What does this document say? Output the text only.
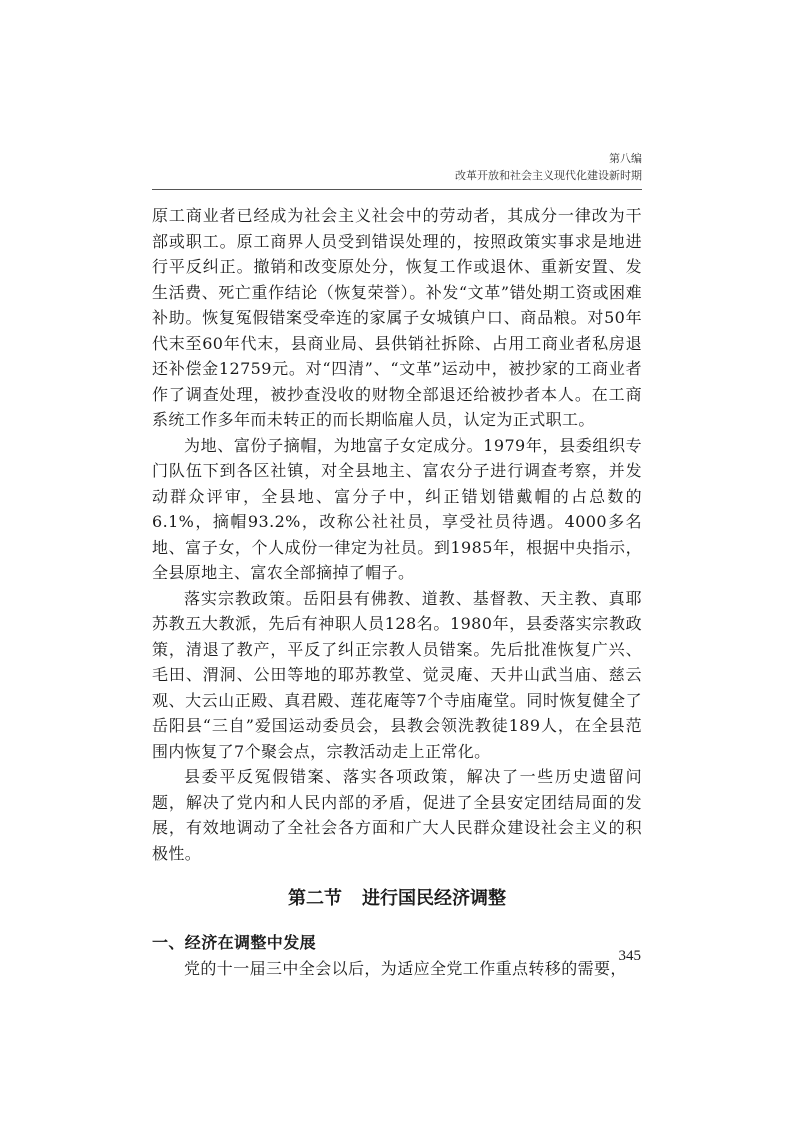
第八编
改革开放和社会主义现代化建设新时期

原工商业者已经成为社会主义社会中的劳动者，其成分一律改为干部或职工。原工商界人员受到错误处理的，按照政策实事求是地进行平反纠正。撤销和改变原处分，恢复工作或退休、重新安置、发生活费、死亡重作结论（恢复荣誉）。补发“文革”错处期工资或困难补助。恢复冤假错案受牵连的家属子女城镇户口、商品粮。对50年代末至60年代末，县商业局、县供销社拆除、占用工商业者私房退还补偿金12759元。对“四清”、“文革”运动中，被抄家的工商业者作了调查处理，被抄查没收的财物全部退还给被抄者本人。在工商系统工作多年而未转正的而长期临雇人员，认定为正式职工。

为地、富份子摘帽，为地富子女定成分。1979年，县委组织专门队伍下到各区社镇，对全县地主、富农分子进行调查考察，并发动群众评审，全县地、富分子中，纠正错划错戴帽的占总数的6.1%，摘帽93.2%，改称公社社员，享受社员待遇。4000多名地、富子女，个人成份一律定为社员。到1985年，根据中央指示，全县原地主、富农全部摘掉了帽子。

落实宗教政策。岳阳县有佛教、道教、基督教、天主教、真耶苏教五大教派，先后有神职人员128名。1980年，县委落实宗教政策，清退了教产，平反了纠正宗教人员错案。先后批准恢复广兴、毛田、渭洞、公田等地的耶苏教堂、觉灵庵、天井山武当庙、慈云观、大云山正殿、真君殿、莲花庵等7个寺庙庵堂。同时恢复健全了岳阳县“三自”爱国运动委员会，县教会领洗教徒189人，在全县范围内恢复了7个聚会点，宗教活动走上正常化。

县委平反冤假错案、落实各项政策，解决了一些历史遗留问题，解决了党内和人民内部的矛盾，促进了全县安定团结局面的发展，有效地调动了全社会各方面和广大人民群众建设社会主义的积极性。

第二节 进行国民经济调整

一、经济在调整中发展

党的十一届三中全会以后，为适应全党工作重点转移的需要，

345
